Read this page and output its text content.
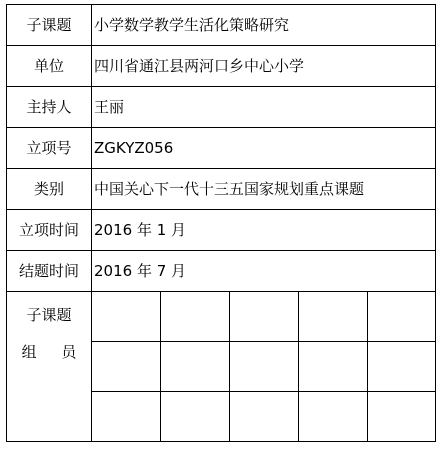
子课题	小学数学教学生活化策略研究				
单位	四川省通江县两河口乡中心小学				
主持人	王丽				
立项号	ZGKYZ056				
类别	中国关心下一代十三五国家规划重点课题				
立项时间	2016 年 1 月				
结题时间	2016 年 7 月				

子课题
组 员					
